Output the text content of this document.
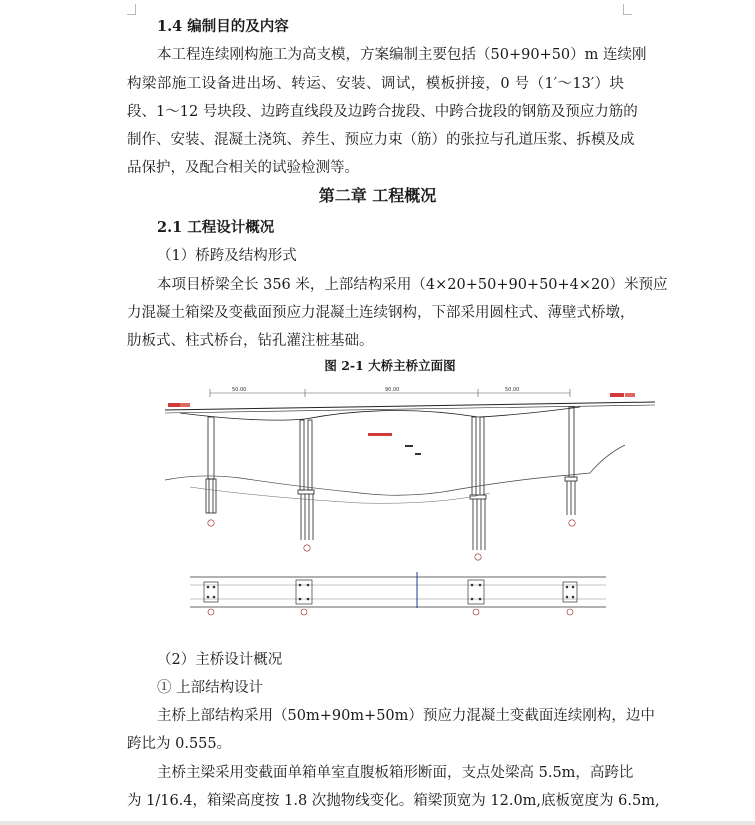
1.4 编制目的及内容
本工程连续刚构施工为高支模，方案编制主要包括（50+90+50）m 连续刚
构梁部施工设备进出场、转运、安装、调试，模板拼接，0 号（1′～13′）块
段、1～12 号块段、边跨直线段及边跨合拢段、中跨合拢段的钢筋及预应力筋的
制作、安装、混凝土浇筑、养生、预应力束（筋）的张拉与孔道压浆、拆模及成
品保护，及配合相关的试验检测等。
第二章 工程概况
2.1 工程设计概况
（1）桥跨及结构形式
本项目桥梁全长 356 米，上部结构采用（4×20+50+90+50+4×20）米预应
力混凝土箱梁及变截面预应力混凝土连续钢构，下部采用圆柱式、薄壁式桥墩，
肋板式、柱式桥台，钻孔灌注桩基础。
图 2-1 大桥主桥立面图
50.00	90.00	50.00
（2）主桥设计概况
① 上部结构设计
主桥上部结构采用（50m+90m+50m）预应力混凝土变截面连续刚构，边中
跨比为 0.555。
主桥主梁采用变截面单箱单室直腹板箱形断面，支点处梁高 5.5m，高跨比
为 1/16.4，箱梁高度按 1.8 次抛物线变化。箱梁顶宽为 12.0m,底板宽度为 6.5m,
